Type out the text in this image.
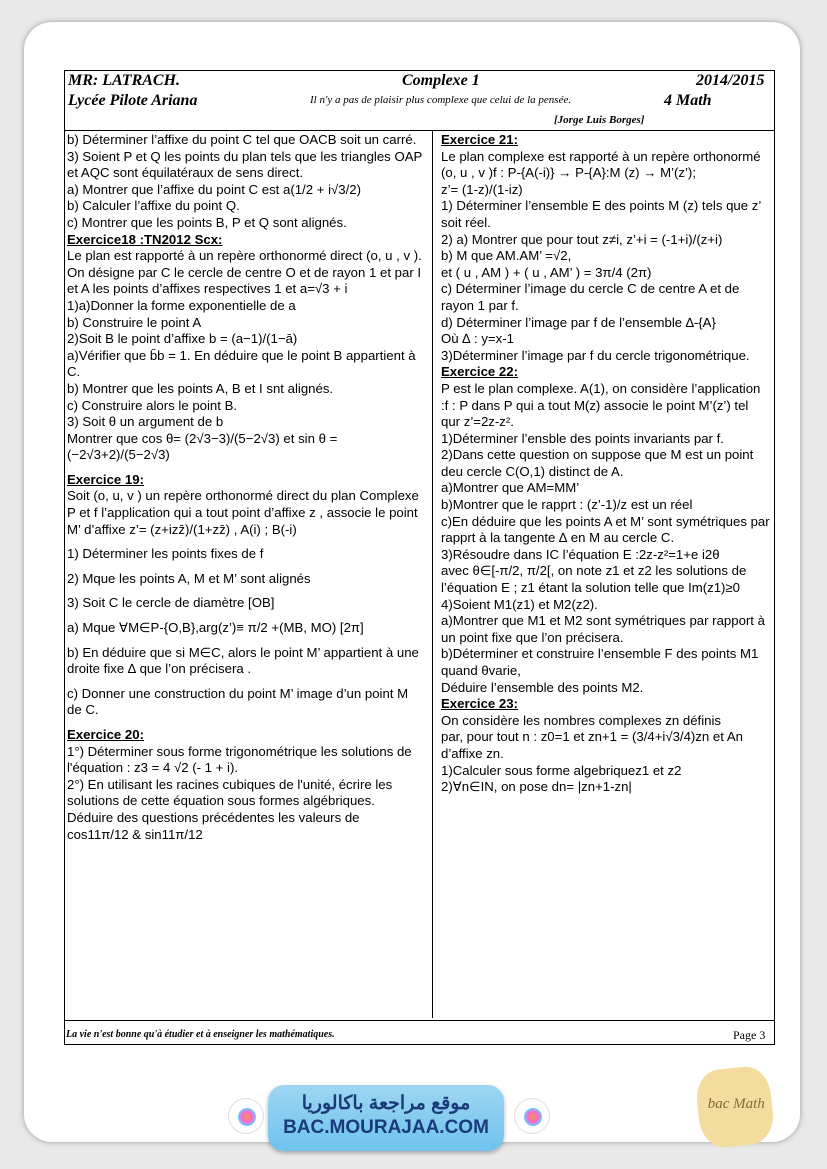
MR: LATRACH.
Lycée Pilote Ariana
Complexe 1
Il n'y a pas de plaisir plus complexe que celui de la pensée.
2014/2015
4 Math
[Jorge Luis Borges]

b) Déterminer l’affixe du point C tel que OACB soit un carré.

3) Soient P et Q les points du plan tels que les triangles OAP et AQC sont équilatéraux de sens direct.

a) Montrer que l’affixe du point C est a(1/2 + i√3/2)

b) Calculer l’affixe du point Q.

c) Montrer que les points B, P et Q sont alignés.

Exercice18 :TN2012 Scx:

Le plan est rapporté à un repère orthonormé direct (o, u , v ).

On désigne par C le cercle de centre O et de rayon 1 et par I et A les points d’affixes respectives 1 et a=√3 + i

1)a)Donner la forme exponentielle de a

b) Construire le point A

2)Soit B le point d’affixe b = (a−1)/(1−ā)

a)Vérifier que b̄b = 1. En déduire que le point B appartient à C.

b) Montrer que les points A, B et I snt alignés.

c) Construire alors le point B.

3) Soit θ un argument de b

Montrer que cos θ= (2√3−3)/(5−2√3) et sin θ = (−2√3+2)/(5−2√3)

Exercice 19:

Soit (o, u, v ) un repère orthonormé direct du plan Complexe P et f l’application qui a tout point d’affixe z , associe le point M’ d’affixe z’= (z+izz̄)/(1+zz̄) , A(i) ; B(-i)

1) Déterminer les points fixes de f

2) Mque les points A, M et M’ sont alignés

3) Soit C le cercle de diamètre [OB]

a) Mque ∀M∈P-{O,B},arg(z’)≡ π/2 +(MB, MO) [2π]

b) En déduire que si M∈C, alors le point M’ appartient à une droite fixe ∆ que l’on précisera .

c) Donner une construction du point M’ image d’un point M de C.

Exercice 20:

1°) Déterminer sous forme trigonométrique les solutions de l'équation : z3 = 4 √2 (- 1 + i).

2°) En utilisant les racines cubiques de l'unité, écrire les solutions de cette équation sous formes algébriques. Déduire des questions précédentes les valeurs de cos11π/12 & sin11π/12

Exercice 21:

Le plan complexe est rapporté à un repère orthonormé

(o, u , v )f : P-{A(-i)} → P-{A}:M (z) → M’(z’);

z’= (1-z)/(1-iz)

1) Déterminer l’ensemble E des points M (z) tels que z’ soit réel.

2) a) Montrer que pour tout z≠i, z’+i = (-1+i)/(z+i)

b) M que AM.AM’ =√2,

et ( u , AM ) + ( u , AM’ ) = 3π/4 (2π)

c) Déterminer l’image du cercle C de centre A et de rayon 1 par f.

d) Déterminer l’image par f de l’ensemble ∆-{A}

Où ∆ : y=x-1

3)Déterminer l’image par f du cercle trigonométrique.

Exercice 22:

P est le plan complexe. A(1), on considère l’application :f : P dans P qui a tout M(z) associe le point M’(z’) tel qur z’=2z-z².

1)Déterminer l’ensble des points invariants par f.

2)Dans cette question on suppose que M est un point deu cercle C(O,1) distinct de A.

a)Montrer que AM=MM’

b)Montrer que le rapprt : (z’-1)/z est un réel

c)En déduire que les points A et M’ sont symétriques par rapprt à la tangente ∆ en M au cercle C.

3)Résoudre dans IC l’équation E :2z-z²=1+e i2θ

avec θ∈[-π/2, π/2[, on note z1 et z2 les solutions de

l’équation E ; z1 étant la solution telle que Im(z1)≥0

4)Soient M1(z1) et M2(z2).

a)Montrer que M1 et M2 sont symétriques par rapport à un point fixe que l’on précisera.

b)Déterminer et construire l’ensemble F des points M1 quand θvarie,

Déduire l’ensemble des points M2.

Exercice 23:

On considère les nombres complexes zn définis

par, pour tout n : z0=1 et zn+1 = (3/4+i√3/4)zn et An

d’affixe zn.

1)Calculer sous forme algebriquez1 et z2

2)∀n∈IN, on pose dn= |zn+1-zn|

La vie n'est bonne qu'à étudier et à enseigner les mathématiques.	Page 3
موقع مراجعة باكالوريا
BAC.MOURAJAA.COM
bac Math
